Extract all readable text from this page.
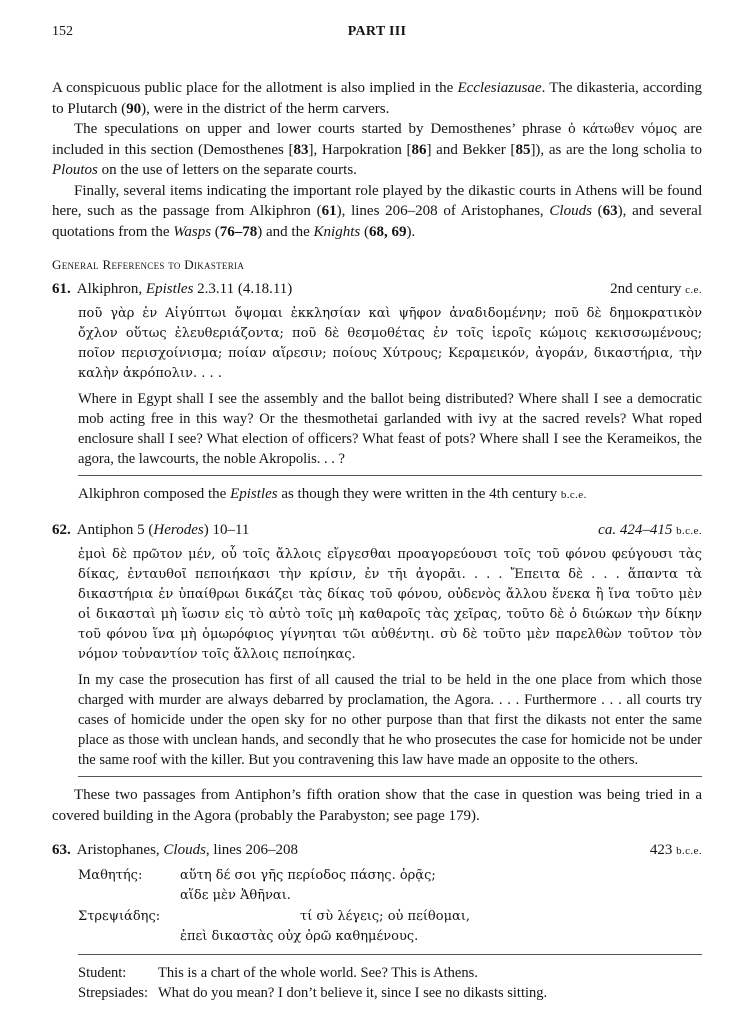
152	PART III

A conspicuous public place for the allotment is also implied in the Ecclesiazusae. The dikasteria, according to Plutarch (90), were in the district of the herm carvers.

The speculations on upper and lower courts started by Demosthenes’ phrase ὁ κάτωθεν νόμος are included in this section (Demosthenes [83], Harpokration [86] and Bekker [85]), as are the long scholia to Ploutos on the use of letters on the separate courts.

Finally, several items indicating the important role played by the dikastic courts in Athens will be found here, such as the passage from Alkiphron (61), lines 206–208 of Aristophanes, Clouds (63), and several quotations from the Wasps (76–78) and the Knights (68, 69).

General References to Dikasteria

61. Alkiphron, Epistles 2.3.11 (4.18.11)	2nd century c.e.

ποῦ γὰρ ἐν Αἰγύπτωι ὄψομαι ἐκκλησίαν καὶ ψῆφον ἀναδιδομένην; ποῦ δὲ δημοκρατικὸν ὄχλον οὕτως ἐλευθεριάζοντα; ποῦ δὲ θεσμοθέτας ἐν τοῖς ἱεροῖς κώμοις κεκισσωμένους; ποῖον περισχοίνισμα; ποίαν αἵρεσιν; ποίους Χύτρους; Κεραμεικόν, ἀγοράν, δικαστήρια, τὴν καλὴν ἀκρόπολιν. . . .

Where in Egypt shall I see the assembly and the ballot being distributed? Where shall I see a democratic mob acting free in this way? Or the thesmothetai garlanded with ivy at the sacred revels? What roped enclosure shall I see? What election of officers? What feast of pots? Where shall I see the Kerameikos, the agora, the lawcourts, the noble Akropolis. . . ?

Alkiphron composed the Epistles as though they were written in the 4th century b.c.e.

62. Antiphon 5 (Herodes) 10–11	ca. 424–415 b.c.e.

ἐμοὶ δὲ πρῶτον μέν, οὗ τοῖς ἄλλοις εἴργεσθαι προαγορεύουσι τοῖς τοῦ φόνου φεύγουσι τὰς δίκας, ἐνταυθοῖ πεποιήκασι τὴν κρίσιν, ἐν τῆι ἀγορᾶι. . . . Ἔπειτα δὲ . . . ἅπαντα τὰ δικαστήρια ἐν ὑπαίθρωι δικάζει τὰς δίκας τοῦ φόνου, οὐδενὸς ἄλλου ἕνεκα ἢ ἵνα τοῦτο μὲν οἱ δικασταὶ μὴ ἴωσιν εἰς τὸ αὐτὸ τοῖς μὴ καθαροῖς τὰς χεῖρας, τοῦτο δὲ ὁ διώκων τὴν δίκην τοῦ φόνου ἵνα μὴ ὁμωρόφιος γίγνηται τῶι αὐθέντηι. σὺ δὲ τοῦτο μὲν παρελθὼν τοῦτον τὸν νόμον τοὐναντίον τοῖς ἄλλοις πεποίηκας.

In my case the prosecution has first of all caused the trial to be held in the one place from which those charged with murder are always debarred by proclamation, the Agora. . . . Furthermore . . . all courts try cases of homicide under the open sky for no other purpose than that first the dikasts not enter the same place as those with unclean hands, and secondly that he who prosecutes the case for homicide not be under the same roof with the killer. But you contravening this law have made an opposite to the others.

These two passages from Antiphon’s fifth oration show that the case in question was being tried in a covered building in the Agora (probably the Parabyston; see page 179).

63. Aristophanes, Clouds, lines 206–208	423 b.c.e.
Μαθητής:	αὕτη δέ σοι γῆς περίοδος πάσης. ὁρᾷς;
αἵδε μὲν Ἀθῆναι.
Στρεψιάδης:	τί σὺ λέγεις; οὐ πείθομαι,
ἐπεὶ δικαστὰς οὐχ ὁρῶ καθημένους.
Student:	This is a chart of the whole world. See? This is Athens.
Strepsiades: What do you mean? I don’t believe it, since I see no dikasts sitting.
